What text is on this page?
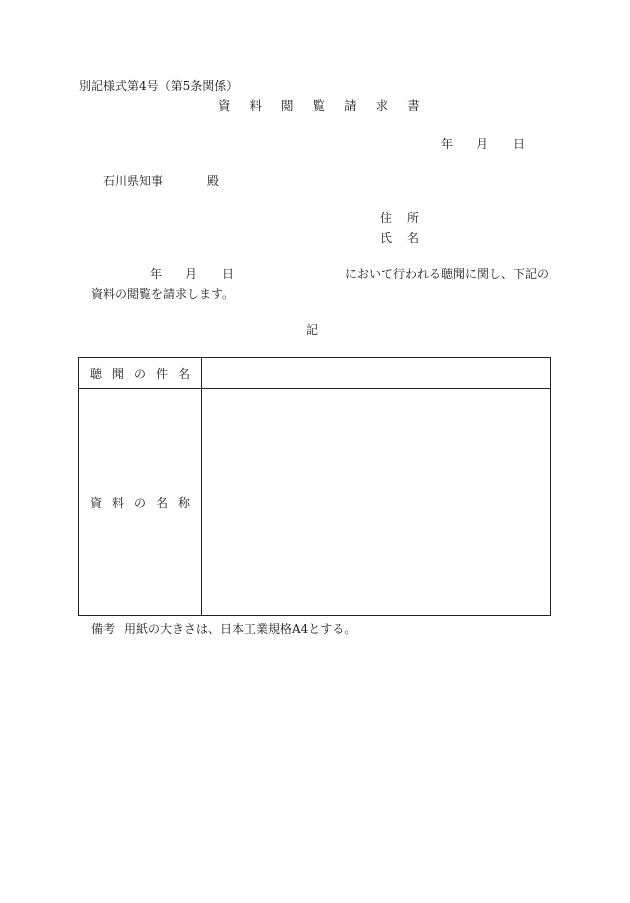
別記様式第4号（第5条関係）
資 料 閲 覧 請 求 書
年 月 日
石川県知事	殿
住 所
氏 名
年 月 日	において行われる聴聞に関し、下記の
資料の閲覧を請求します。
記
聴 聞 の 件 名	
資 料 の 名 称	
備考 用紙の大きさは、日本工業規格A4とする。
